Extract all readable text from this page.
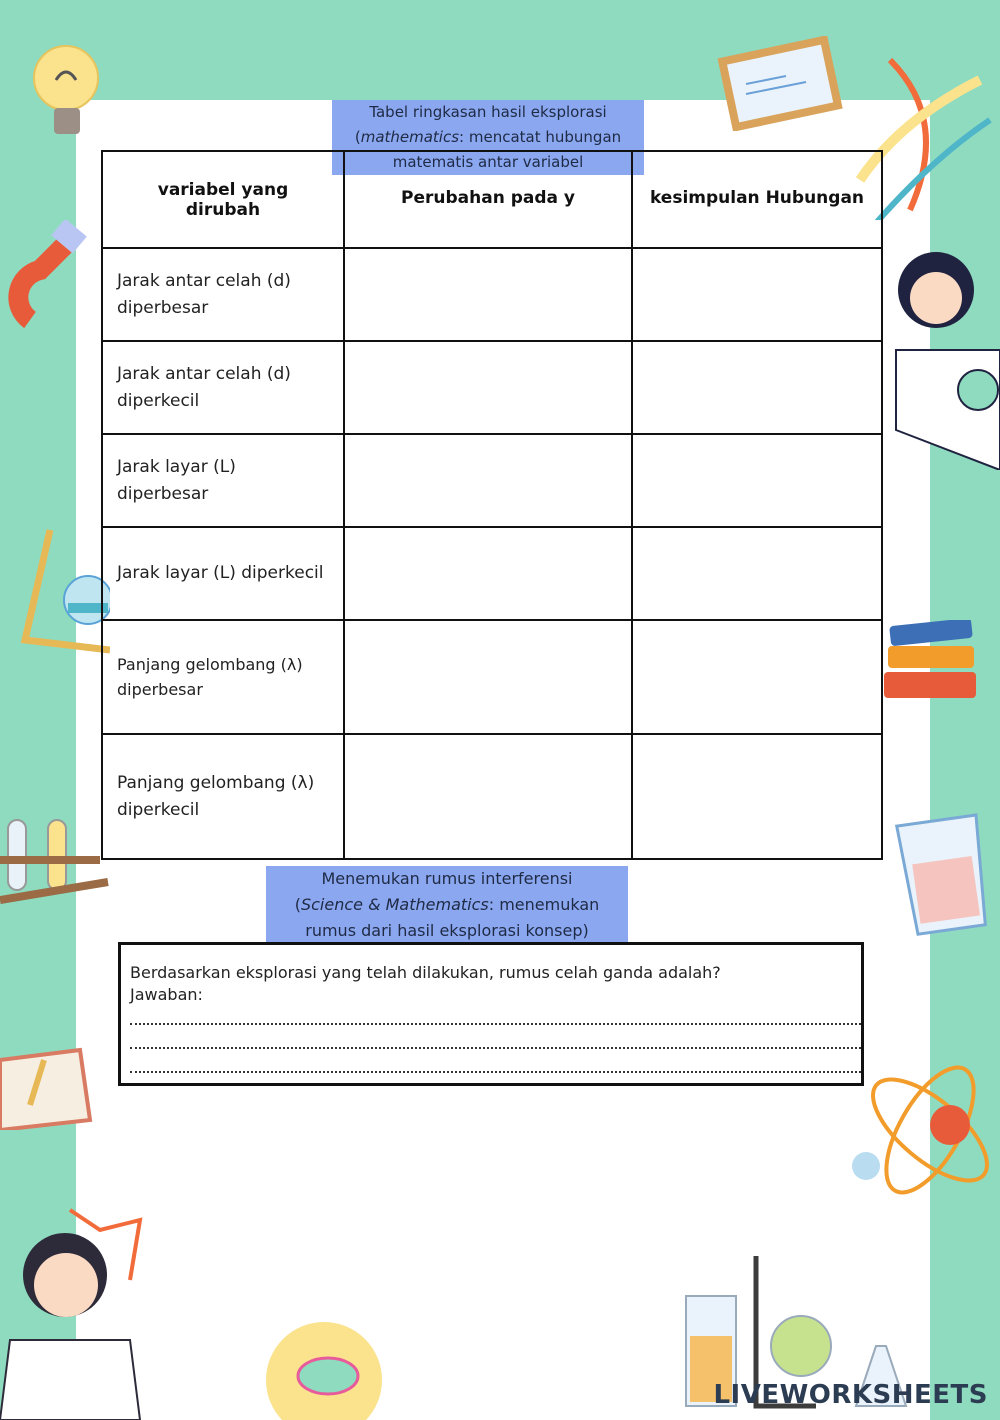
Tabel ringkasan hasil eksplorasi
(mathematics: mencatat hubungan
matematis antar variabel
variabel yang dirubah	Perubahan pada y	kesimpulan Hubungan
Jarak antar celah (d) diperbesar		
Jarak antar celah (d) diperkecil		
Jarak layar (L) diperbesar		
Jarak layar (L) diperkecil		
Panjang gelombang (λ) diperbesar		
Panjang gelombang (λ) diperkecil		
Menemukan rumus interferensi
(Science & Mathematics: menemukan
rumus dari hasil eksplorasi konsep)
Berdasarkan eksplorasi yang telah dilakukan, rumus celah ganda adalah?
Jawaban:
LIVEWORKSHEETS
